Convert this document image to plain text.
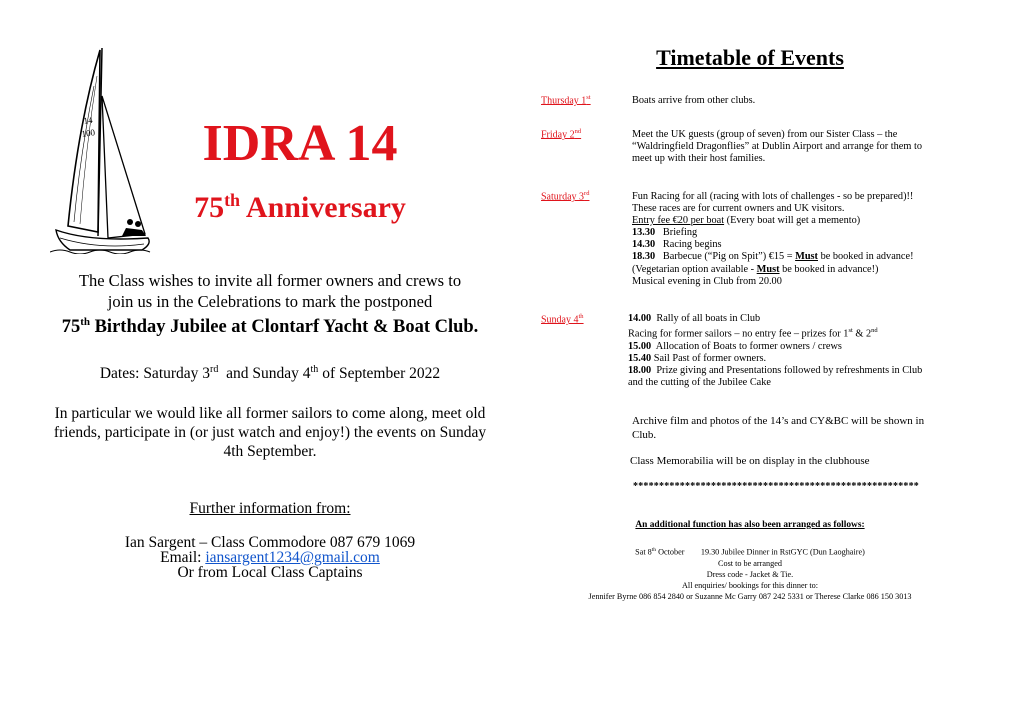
14
100	IDRA 14
75th Anniversary
The Class wishes to invite all former owners and crews to
join us in the Celebrations to mark the postponed
75th Birthday Jubilee at Clontarf Yacht & Boat Club.
Dates: Saturday 3rd  and Sunday 4th of September 2022
In particular we would like all former sailors to come along, meet old
friends, participate in (or just watch and enjoy!) the events on Sunday
4th September.
Further information from:
Ian Sargent – Class Commodore 087 679 1069
Email: iansargent1234@gmail.com
Or from Local Class Captains
Timetable of Events
Thursday 1st	Boats arrive from other clubs.
Friday 2nd	Meet the UK guests (group of seven) from our Sister Class – the
“Waldringfield Dragonflies” at Dublin Airport and arrange for them to
meet up with their host families.
Saturday 3rd	Fun Racing for all (racing with lots of challenges - so be prepared)!!
These races are for current owners and UK visitors.
Entry fee €20 per boat (Every boat will get a memento)
13.30   Briefing
14.30   Racing begins
18.30   Barbecue (“Pig on Spit”) €15 = Must be booked in advance!
(Vegetarian option available - Must be booked in advance!)
Musical evening in Club from 20.00
Sunday 4th	14.00  Rally of all boats in Club
Racing for former sailors – no entry fee – prizes for 1st & 2nd
15.00  Allocation of Boats to former owners / crews
15.40 Sail Past of former owners.
18.00  Prize giving and Presentations followed by refreshments in Club
and the cutting of the Jubilee Cake
Archive film and photos of the 14’s and CY&BC will be shown in
Club.
Class Memorabilia will be on display in the clubhouse
*******************************************************
An additional function has also been arranged as follows:
Sat 8th October        19.30 Jubilee Dinner in RstGYC (Dun Laoghaire)
Cost to be arranged
Dress code - Jacket & Tie.
All enquiries/ bookings for this dinner to:
Jennifer Byrne 086 854 2840 or Suzanne Mc Garry 087 242 5331 or Therese Clarke 086 150 3013
